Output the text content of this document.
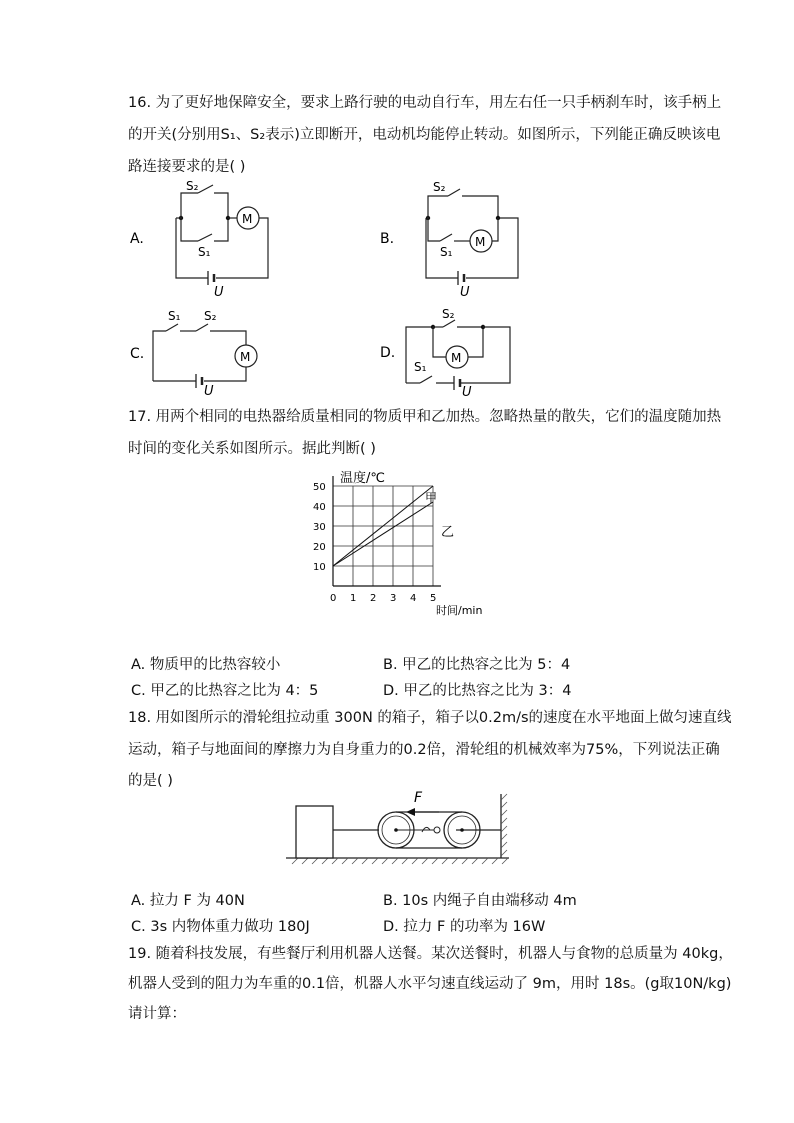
16. 为了更好地保障安全，要求上路行驶的电动自行车，用左右任一只手柄刹车时，该手柄上
的开关(分别用S₁、S₂表示)立即断开，电动机均能停止转动。如图所示，下列能正确反映该电
路连接要求的是( )
A.
U
S₂
S₁
M
B.
U
S₂
S₁
M
C.
S₁ S₂
M
U
D.	M
S₂
U
S₁
17. 用两个相同的电热器给质量相同的物质甲和乙加热。忽略热量的散失，它们的温度随加热
时间的变化关系如图所示。据此判断( )
温度/℃
时间/min
甲
乙
0 1 2 3 4 5
10
20
30
40
50
A. 物质甲的比热容较小	B. 甲乙的比热容之比为 5：4
C. 甲乙的比热容之比为 4：5	D. 甲乙的比热容之比为 3：4
18. 用如图所示的滑轮组拉动重 300N 的箱子，箱子以0.2m/s的速度在水平地面上做匀速直线
运动，箱子与地面间的摩擦力为自身重力的0.2倍，滑轮组的机械效率为75%，下列说法正确
的是( )
F
A. 拉力 F 为 40N	B. 10s 内绳子自由端移动 4m
C. 3s 内物体重力做功 180J	D. 拉力 F 的功率为 16W
19. 随着科技发展，有些餐厅利用机器人送餐。某次送餐时，机器人与食物的总质量为 40kg，
机器人受到的阻力为车重的0.1倍，机器人水平匀速直线运动了 9m，用时 18s。(g取10N/kg)
请计算：
